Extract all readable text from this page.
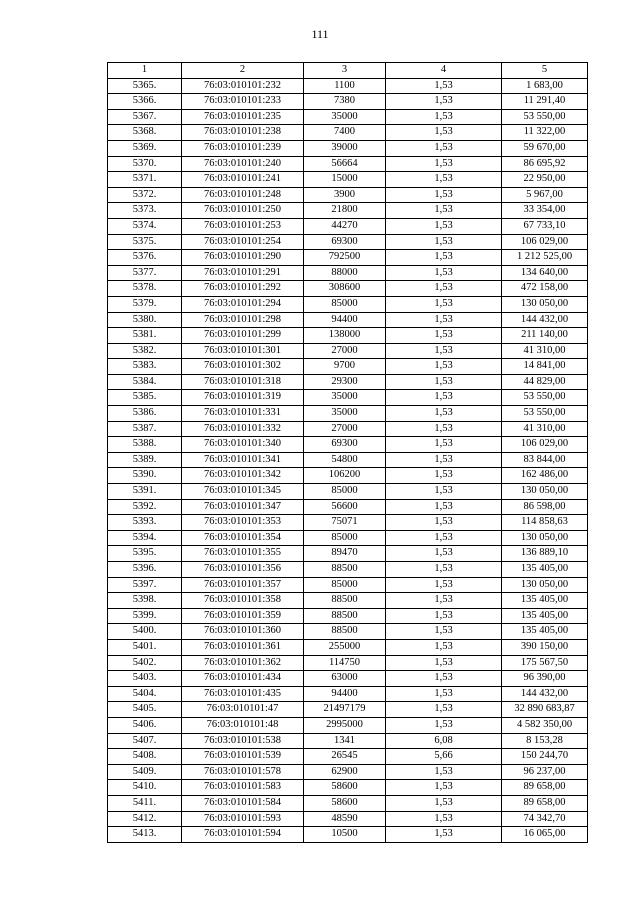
111
1	2	3	4	5
5365.	76:03:010101:232	1100	1,53	1 683,00
5366.	76:03:010101:233	7380	1,53	11 291,40
5367.	76:03:010101:235	35000	1,53	53 550,00
5368.	76:03:010101:238	7400	1,53	11 322,00
5369.	76:03:010101:239	39000	1,53	59 670,00
5370.	76:03:010101:240	56664	1,53	86 695,92
5371.	76:03:010101:241	15000	1,53	22 950,00
5372.	76:03:010101:248	3900	1,53	5 967,00
5373.	76:03:010101:250	21800	1,53	33 354,00
5374.	76:03:010101:253	44270	1,53	67 733,10
5375.	76:03:010101:254	69300	1,53	106 029,00
5376.	76:03:010101:290	792500	1,53	1 212 525,00
5377.	76:03:010101:291	88000	1,53	134 640,00
5378.	76:03:010101:292	308600	1,53	472 158,00
5379.	76:03:010101:294	85000	1,53	130 050,00
5380.	76:03:010101:298	94400	1,53	144 432,00
5381.	76:03:010101:299	138000	1,53	211 140,00
5382.	76:03:010101:301	27000	1,53	41 310,00
5383.	76:03:010101:302	9700	1,53	14 841,00
5384.	76:03:010101:318	29300	1,53	44 829,00
5385.	76:03:010101:319	35000	1,53	53 550,00
5386.	76:03:010101:331	35000	1,53	53 550,00
5387.	76:03:010101:332	27000	1,53	41 310,00
5388.	76:03:010101:340	69300	1,53	106 029,00
5389.	76:03:010101:341	54800	1,53	83 844,00
5390.	76:03:010101:342	106200	1,53	162 486,00
5391.	76:03:010101:345	85000	1,53	130 050,00
5392.	76:03:010101:347	56600	1,53	86 598,00
5393.	76:03:010101:353	75071	1,53	114 858,63
5394.	76:03:010101:354	85000	1,53	130 050,00
5395.	76:03:010101:355	89470	1,53	136 889,10
5396.	76:03:010101:356	88500	1,53	135 405,00
5397.	76:03:010101:357	85000	1,53	130 050,00
5398.	76:03:010101:358	88500	1,53	135 405,00
5399.	76:03:010101:359	88500	1,53	135 405,00
5400.	76:03:010101:360	88500	1,53	135 405,00
5401.	76:03:010101:361	255000	1,53	390 150,00
5402.	76:03:010101:362	114750	1,53	175 567,50
5403.	76:03:010101:434	63000	1,53	96 390,00
5404.	76:03:010101:435	94400	1,53	144 432,00
5405.	76:03:010101:47	21497179	1,53	32 890 683,87
5406.	76:03:010101:48	2995000	1,53	4 582 350,00
5407.	76:03:010101:538	1341	6,08	8 153,28
5408.	76:03:010101:539	26545	5,66	150 244,70
5409.	76:03:010101:578	62900	1,53	96 237,00
5410.	76:03:010101:583	58600	1,53	89 658,00
5411.	76:03:010101:584	58600	1,53	89 658,00
5412.	76:03:010101:593	48590	1,53	74 342,70
5413.	76:03:010101:594	10500	1,53	16 065,00
